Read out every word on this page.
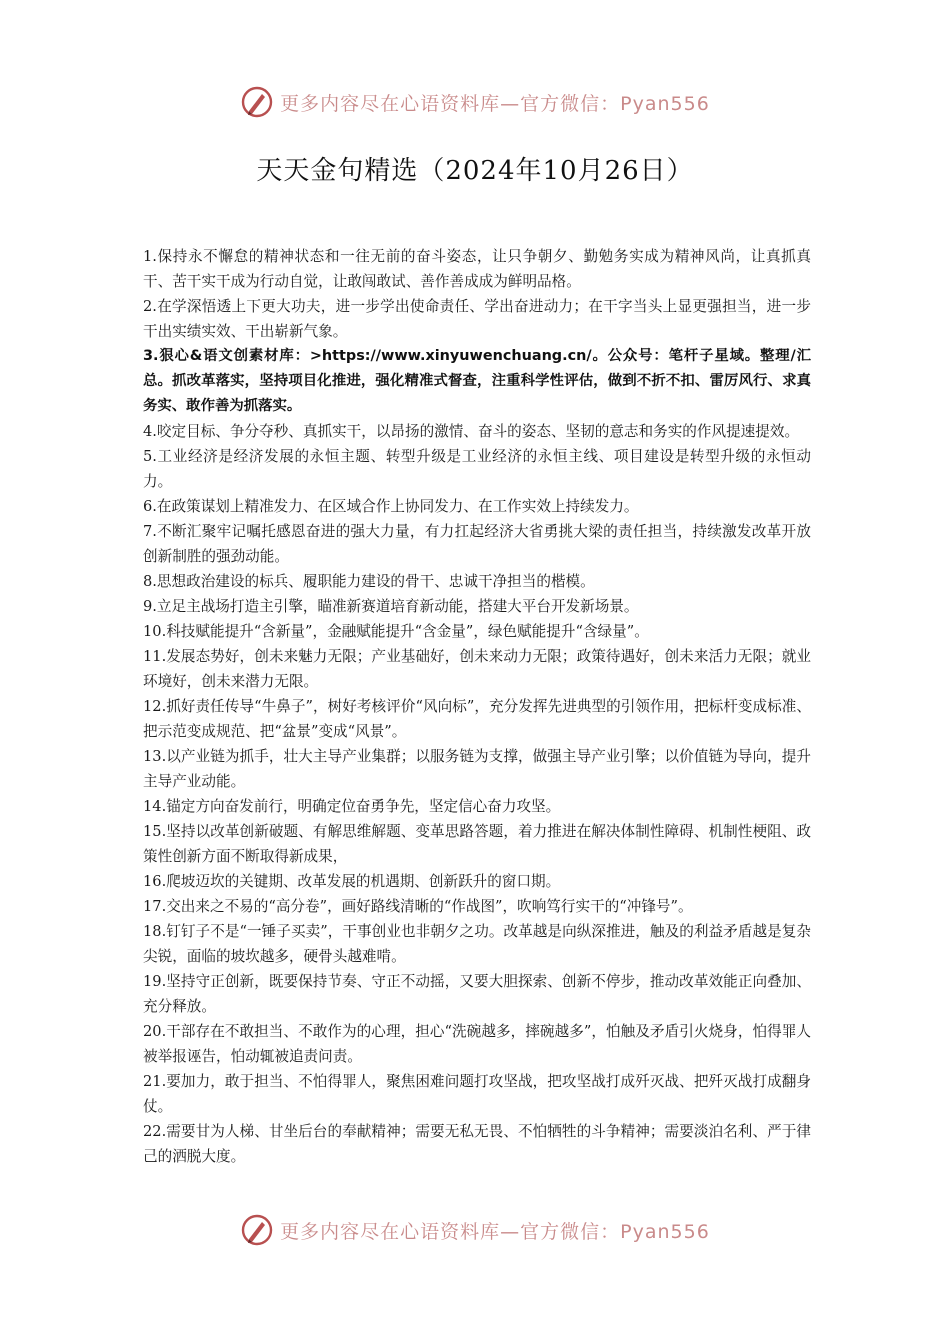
更多内容尽在心语资料库—官方微信：Pyan556
天天金句精选（2024年10月26日）

1.保持永不懈怠的精神状态和一往无前的奋斗姿态，让只争朝夕、勤勉务实成为精神风尚，让真抓真干、苦干实干成为行动自觉，让敢闯敢试、善作善成成为鲜明品格。

2.在学深悟透上下更大功夫，进一步学出使命责任、学出奋进动力；在干字当头上显更强担当，进一步干出实绩实效、干出崭新气象。

3.狠心&语文创素材库：>https://www.xinyuwenchuang.cn/。公众号：笔杆子星域。整理/汇总。抓改革落实，坚持项目化推进，强化精准式督查，注重科学性评估，做到不折不扣、雷厉风行、求真务实、敢作善为抓落实。

4.咬定目标、争分夺秒、真抓实干，以昂扬的激情、奋斗的姿态、坚韧的意志和务实的作风提速提效。

5.工业经济是经济发展的永恒主题、转型升级是工业经济的永恒主线、项目建设是转型升级的永恒动力。

6.在政策谋划上精准发力、在区域合作上协同发力、在工作实效上持续发力。

7.不断汇聚牢记嘱托感恩奋进的强大力量，有力扛起经济大省勇挑大梁的责任担当，持续激发改革开放创新制胜的强劲动能。

8.思想政治建设的标兵、履职能力建设的骨干、忠诚干净担当的楷模。

9.立足主战场打造主引擎，瞄准新赛道培育新动能，搭建大平台开发新场景。

10.科技赋能提升“含新量”，金融赋能提升“含金量”，绿色赋能提升“含绿量”。

11.发展态势好，创未来魅力无限；产业基础好，创未来动力无限；政策待遇好，创未来活力无限；就业环境好，创未来潜力无限。

12.抓好责任传导“牛鼻子”，树好考核评价“风向标”，充分发挥先进典型的引领作用，把标杆变成标准、把示范变成规范、把“盆景”变成“风景”。

13.以产业链为抓手，壮大主导产业集群；以服务链为支撑，做强主导产业引擎；以价值链为导向，提升主导产业动能。

14.锚定方向奋发前行，明确定位奋勇争先，坚定信心奋力攻坚。

15.坚持以改革创新破题、有解思维解题、变革思路答题，着力推进在解决体制性障碍、机制性梗阻、政策性创新方面不断取得新成果，

16.爬坡迈坎的关键期、改革发展的机遇期、创新跃升的窗口期。

17.交出来之不易的“高分卷”，画好路线清晰的“作战图”，吹响笃行实干的“冲锋号”。

18.钉钉子不是“一锤子买卖”，干事创业也非朝夕之功。改革越是向纵深推进，触及的利益矛盾越是复杂尖锐，面临的坡坎越多，硬骨头越难啃。

19.坚持守正创新，既要保持节奏、守正不动摇，又要大胆探索、创新不停步，推动改革效能正向叠加、充分释放。

20.干部存在不敢担当、不敢作为的心理，担心“洗碗越多，摔碗越多”，怕触及矛盾引火烧身，怕得罪人被举报诬告，怕动辄被追责问责。

21.要加力，敢于担当、不怕得罪人，聚焦困难问题打攻坚战，把攻坚战打成歼灭战、把歼灭战打成翻身仗。

22.需要甘为人梯、甘坐后台的奉献精神；需要无私无畏、不怕牺牲的斗争精神；需要淡泊名利、严于律己的洒脱大度。

更多内容尽在心语资料库—官方微信：Pyan556
